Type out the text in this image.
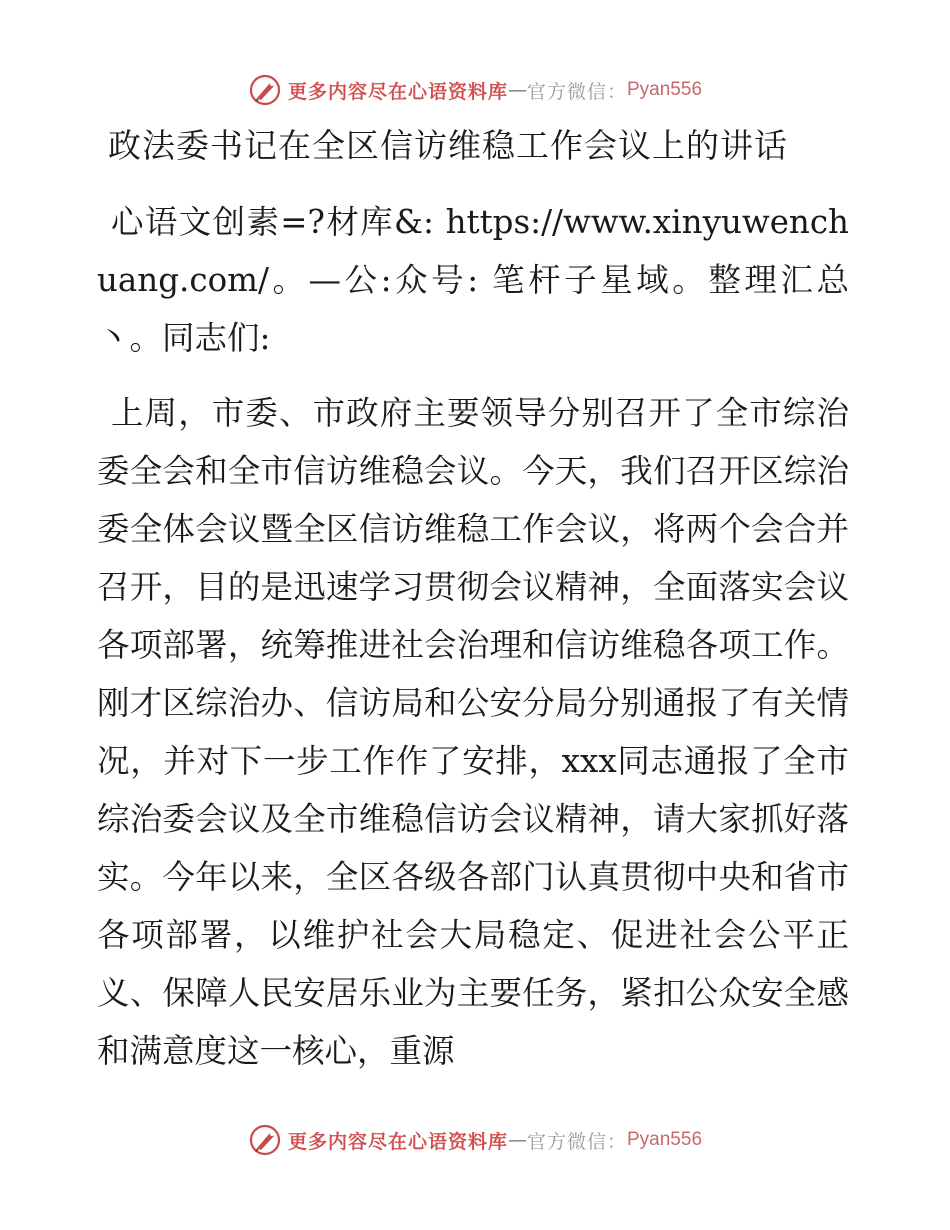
更多内容尽在心语资料库 — 官方微信： Pyan556
政法委书记在全区信访维稳工作会议上的讲话
心语文创素=?材库&: https://www.xinyuwenchuang.com/。—公:众号: 笔杆子星域。整理汇总丶。同志们:
上周，市委、市政府主要领导分别召开了全市综治委全会和全市信访维稳会议。今天，我们召开区综治委全体会议暨全区信访维稳工作会议，将两个会合并召开，目的是迅速学习贯彻会议精神，全面落实会议各项部署，统筹推进社会治理和信访维稳各项工作。刚才区综治办、信访局和公安分局分别通报了有关情况，并对下一步工作作了安排，xxx同志通报了全市综治委会议及全市维稳信访会议精神，请大家抓好落实。今年以来，全区各级各部门认真贯彻中央和省市各项部署，以维护社会大局稳定、促进社会公平正义、保障人民安居乐业为主要任务，紧扣公众安全感和满意度这一核心，重源
更多内容尽在心语资料库 — 官方微信： Pyan556
